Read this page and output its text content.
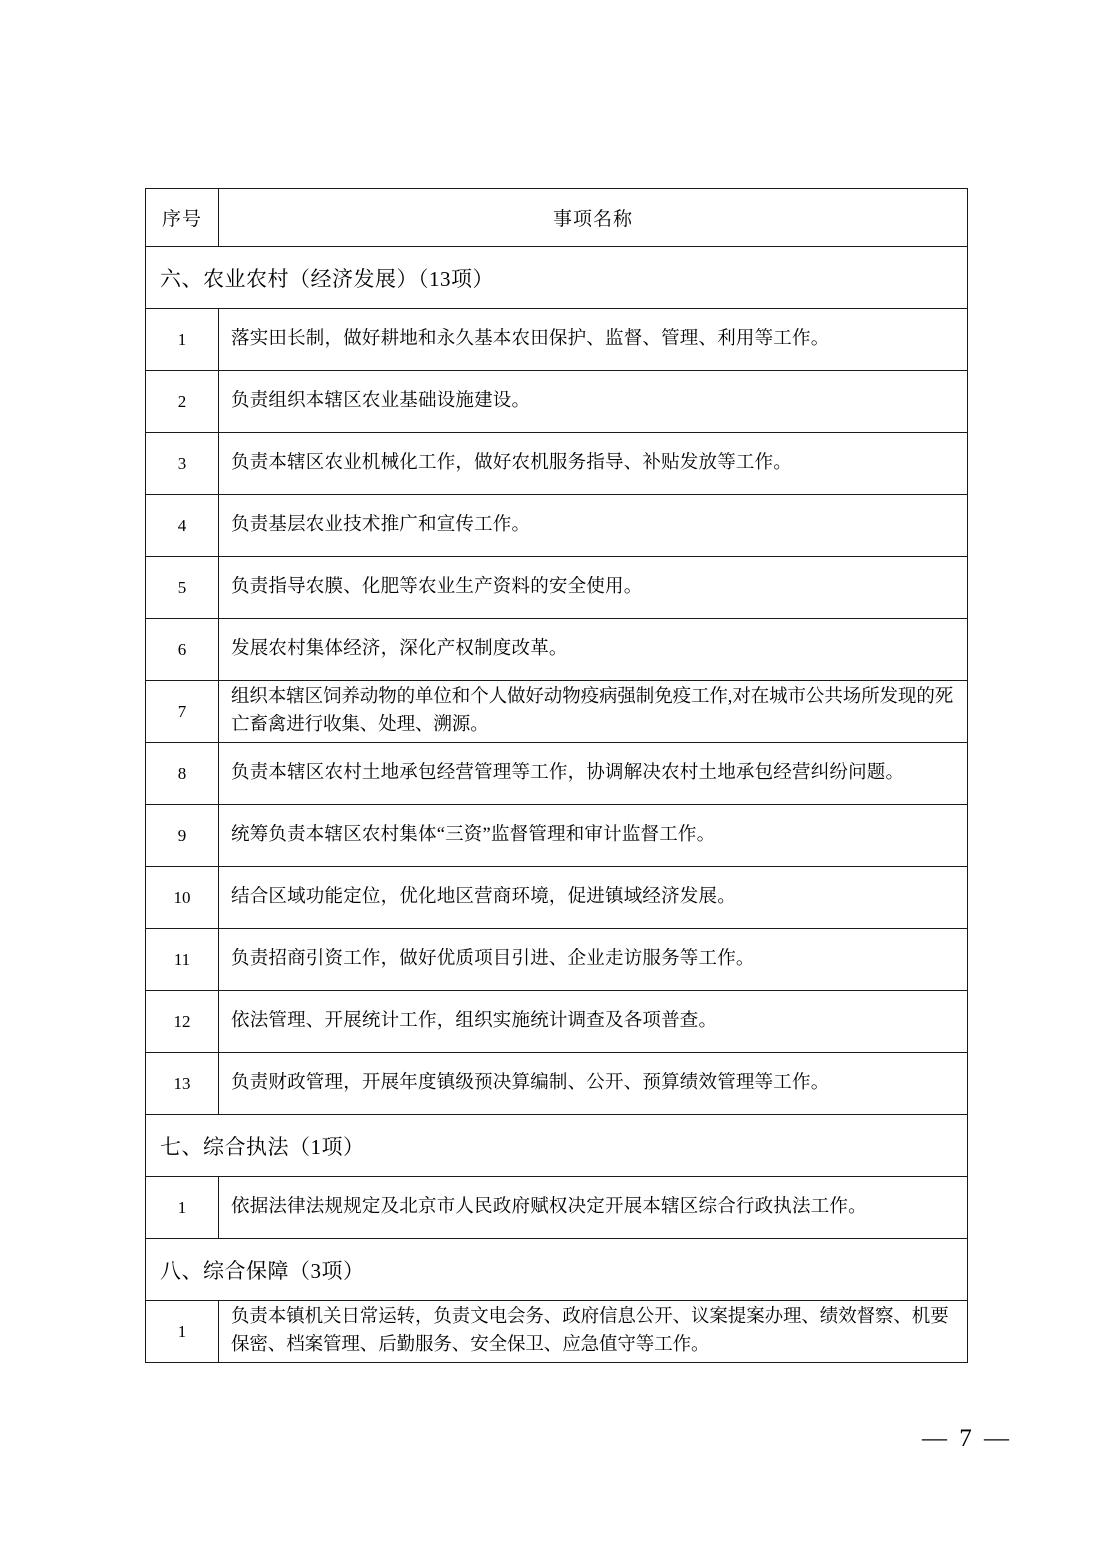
序号	事项名称
六、农业农村（经济发展）（13项）	
1	落实田长制，做好耕地和永久基本农田保护、监督、管理、利用等工作。

2	负责组织本辖区农业基础设施建设。

3	负责本辖区农业机械化工作，做好农机服务指导、补贴发放等工作。

4	负责基层农业技术推广和宣传工作。

5	负责指导农膜、化肥等农业生产资料的安全使用。

6	发展农村集体经济，深化产权制度改革。

7	组织本辖区饲养动物的单位和个人做好动物疫病强制免疫工作,对在城市公共场所发现的死亡畜禽进行收集、处理、溯源。

8	负责本辖区农村土地承包经营管理等工作，协调解决农村土地承包经营纠纷问题。

9	统筹负责本辖区农村集体“三资”监督管理和审计监督工作。

10	结合区域功能定位，优化地区营商环境，促进镇域经济发展。

11	负责招商引资工作，做好优质项目引进、企业走访服务等工作。

12	依法管理、开展统计工作，组织实施统计调查及各项普查。

13	负责财政管理，开展年度镇级预决算编制、公开、预算绩效管理等工作。

七、综合执法（1项）	
1	依据法律法规规定及北京市人民政府赋权决定开展本辖区综合行政执法工作。

八、综合保障（3项）	
1	负责本镇机关日常运转，负责文电会务、政府信息公开、议案提案办理、绩效督察、机要保密、档案管理、后勤服务、安全保卫、应急值守等工作。
— 7 —
